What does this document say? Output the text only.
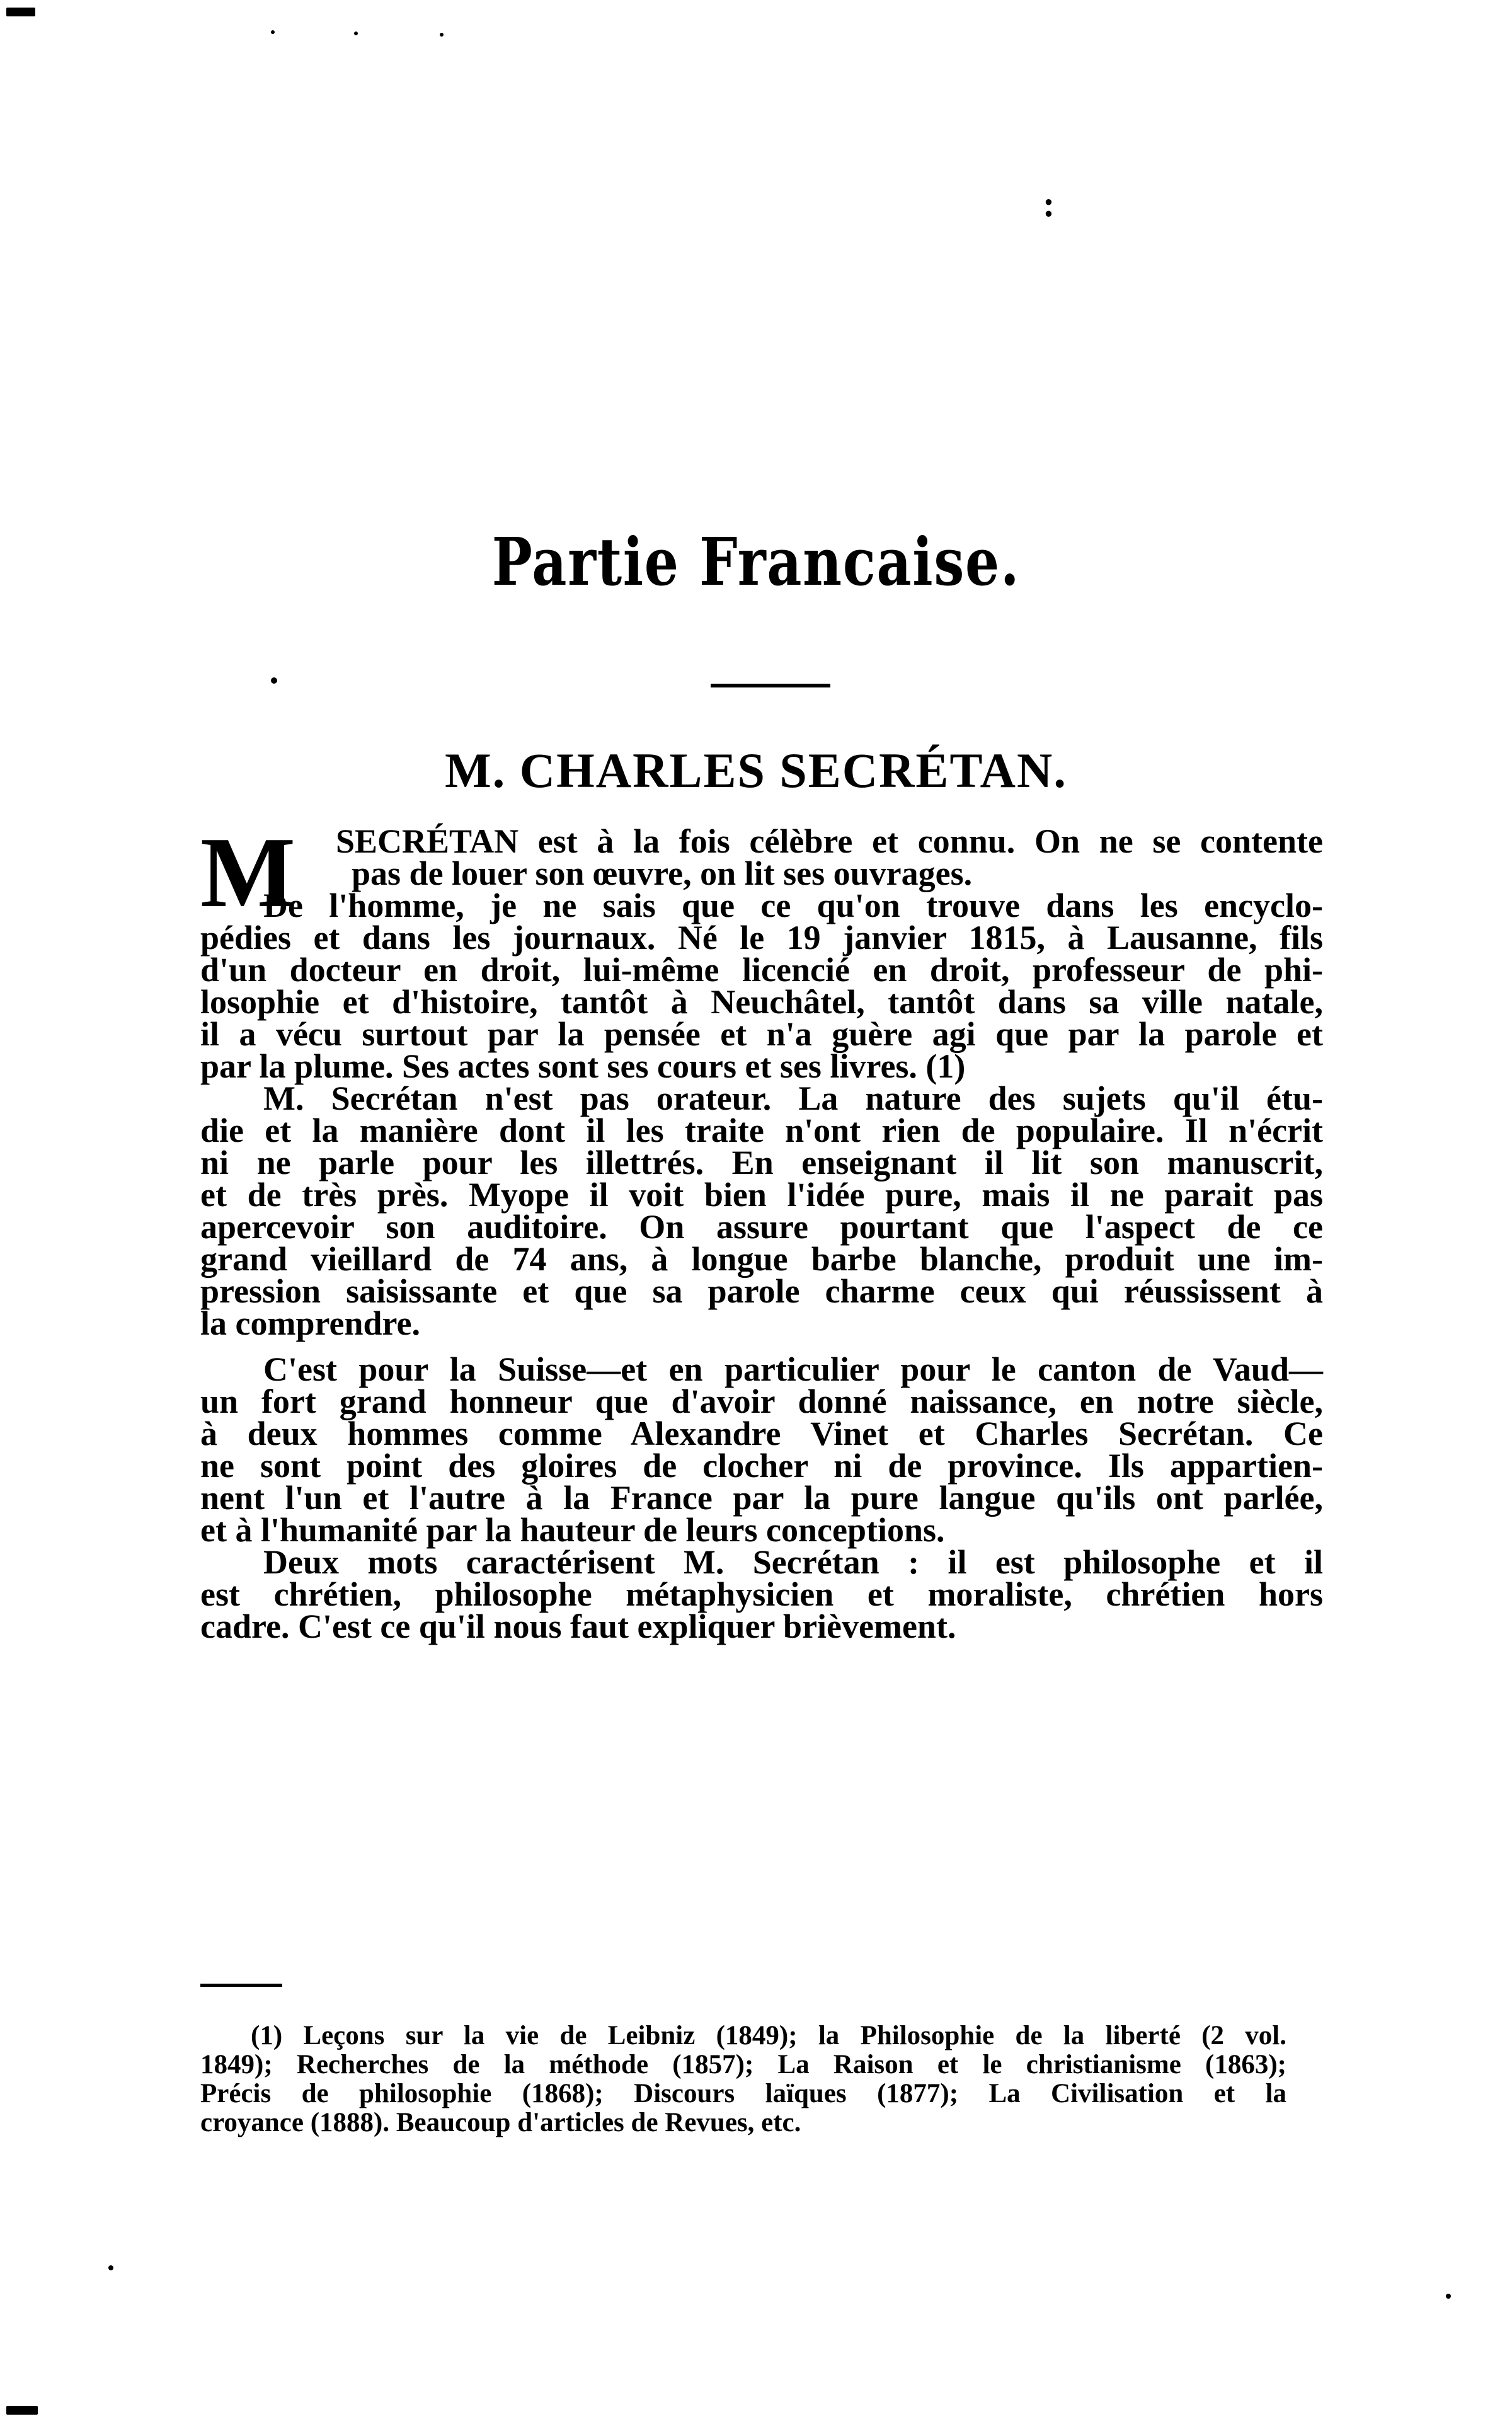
:
Partie Francaise.
M. CHARLES SECRÉTAN.
M	SECRÉTAN est à la fois célèbre et connu. On ne se contente
pas de louer son œuvre, on lit ses ouvrages.
De l'homme, je ne sais que ce qu'on trouve dans les encyclo-
pédies et dans les journaux. Né le 19 janvier 1815, à Lausanne, fils
d'un docteur en droit, lui-même licencié en droit, professeur de phi-
losophie et d'histoire, tantôt à Neuchâtel, tantôt dans sa ville natale,
il a vécu surtout par la pensée et n'a guère agi que par la parole et
par la plume. Ses actes sont ses cours et ses livres. (1)
M. Secrétan n'est pas orateur. La nature des sujets qu'il étu-
die et la manière dont il les traite n'ont rien de populaire. Il n'écrit
ni ne parle pour les illettrés. En enseignant il lit son manuscrit,
et de très près. Myope il voit bien l'idée pure, mais il ne parait pas
apercevoir son auditoire. On assure pourtant que l'aspect de ce
grand vieillard de 74 ans, à longue barbe blanche, produit une im-
pression saisissante et que sa parole charme ceux qui réussissent à
la comprendre.
C'est pour la Suisse—et en particulier pour le canton de Vaud—
un fort grand honneur que d'avoir donné naissance, en notre siècle,
à deux hommes comme Alexandre Vinet et Charles Secrétan. Ce
ne sont point des gloires de clocher ni de province. Ils appartien-
nent l'un et l'autre à la France par la pure langue qu'ils ont parlée,
et à l'humanité par la hauteur de leurs conceptions.
Deux mots caractérisent M. Secrétan : il est philosophe et il
est chrétien, philosophe métaphysicien et moraliste, chrétien hors
cadre. C'est ce qu'il nous faut expliquer brièvement.
(1) Leçons sur la vie de Leibniz (1849); la Philosophie de la liberté (2 vol.
1849); Recherches de la méthode (1857); La Raison et le christianisme (1863);
Précis de philosophie (1868); Discours laïques (1877); La Civilisation et la
croyance (1888). Beaucoup d'articles de Revues, etc.
